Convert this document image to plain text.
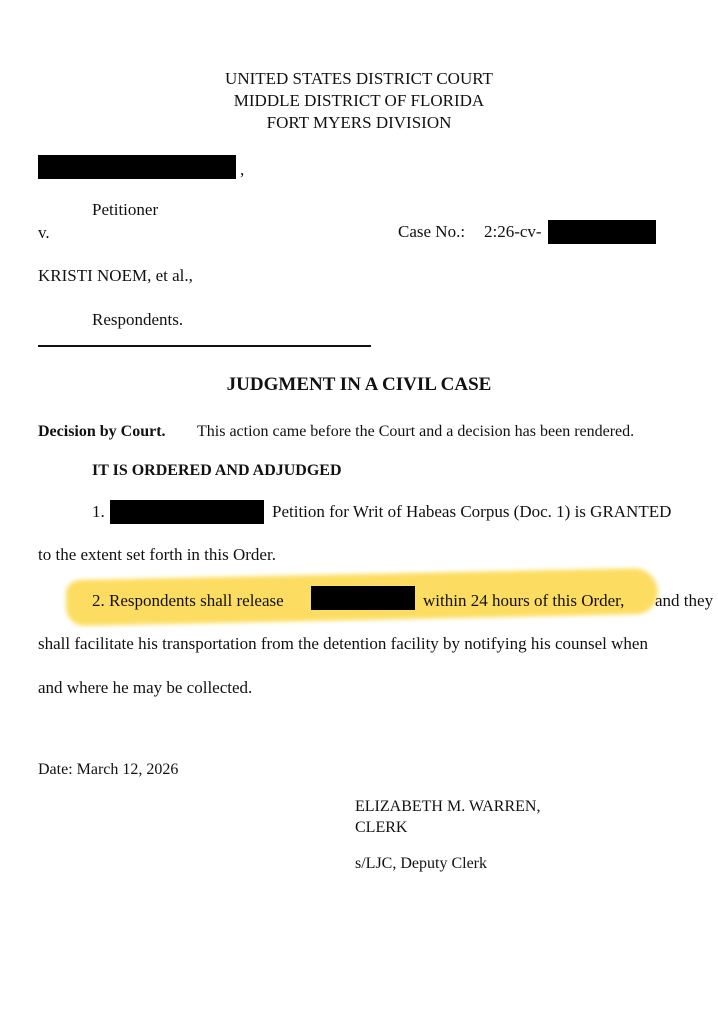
UNITED STATES DISTRICT COURT
MIDDLE DISTRICT OF FLORIDA
FORT MYERS DIVISION
,
Petitioner
v.	Case No.: 2:26-cv-
KRISTI NOEM, et al.,
Respondents.
JUDGMENT IN A CIVIL CASE
Decision by Court. This action came before the Court and a decision has been rendered.
IT IS ORDERED AND ADJUDGED
1.	Petition for Writ of Habeas Corpus (Doc. 1) is GRANTED
to the extent set forth in this Order.
2. Respondents shall release	within 24 hours of this Order, and they
shall facilitate his transportation from the detention facility by notifying his counsel when
and where he may be collected.
Date: March 12, 2026
ELIZABETH M. WARREN,
CLERK
s/LJC, Deputy Clerk
